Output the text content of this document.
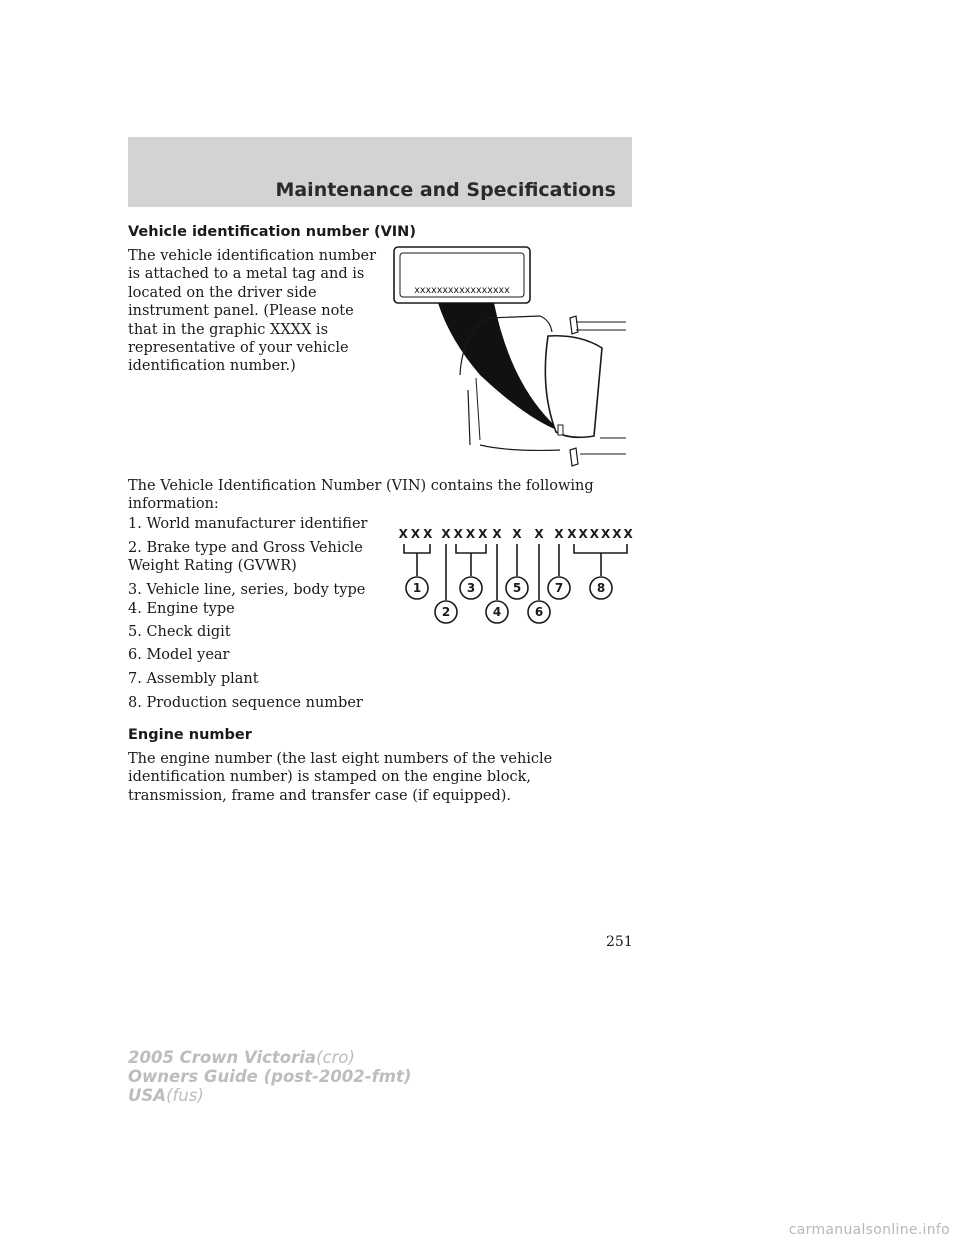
Maintenance and Specifications
Vehicle identification number (VIN)
The vehicle identification number is attached to a metal tag and is located on the driver side instrument panel. (Please note that in the graphic XXXX is representative of your vehicle identification number.)
xxxxxxxxxxxxxxxxx
The Vehicle Identification Number (VIN) contains the following information:
1. World manufacturer identifier
2. Brake type and Gross Vehicle
Weight Rating (GVWR)
3. Vehicle line, series, body type
4. Engine type
5. Check digit
6. Model year
7. Assembly plant
8. Production sequence number
XXX X XXX X X X X XXXXXX
1
2
3
4
5
6
7	8
Engine number
The engine number (the last eight numbers of the vehicle identification number) is stamped on the engine block, transmission, frame and transfer case (if equipped).
251
2005 Crown Victoria(cro)
Owners Guide (post-2002-fmt)
USA(fus)
carmanualsonline.info
